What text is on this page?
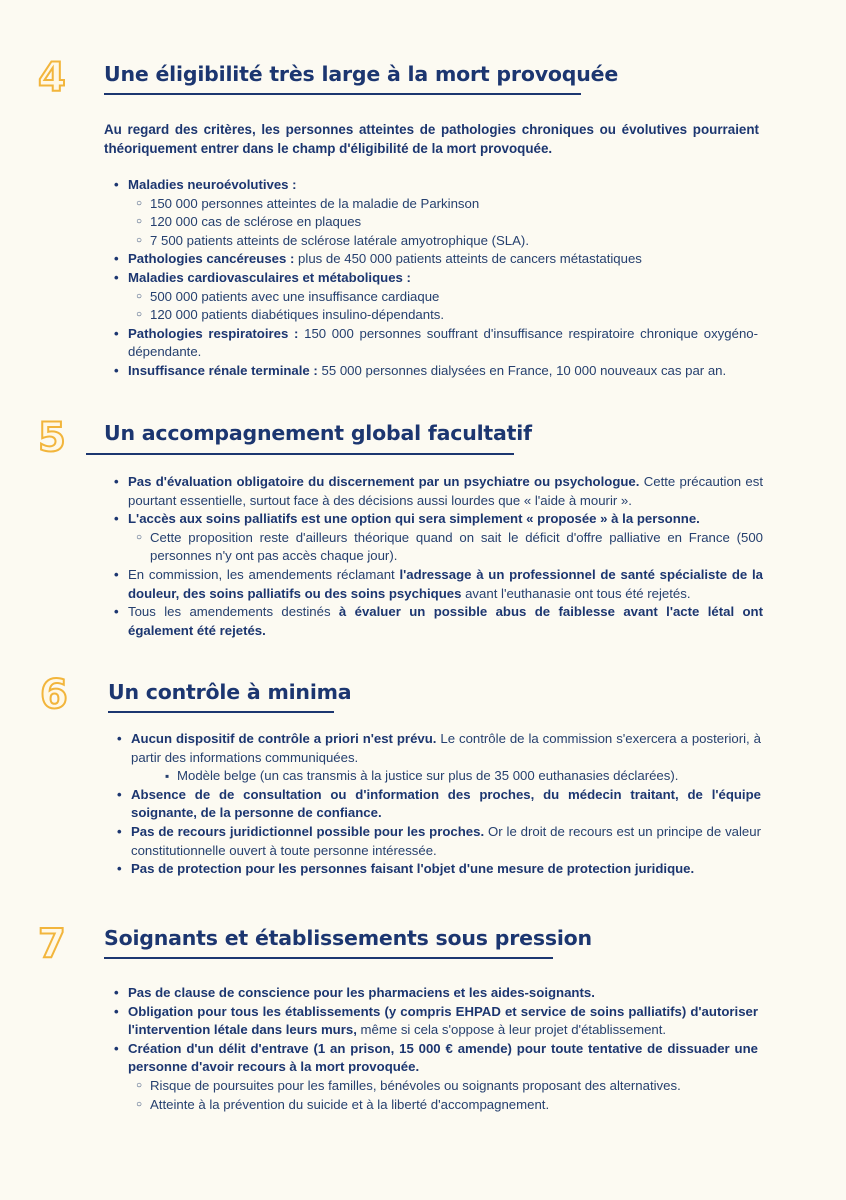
4 Une éligibilité très large à la mort provoquée
Au regard des critères, les personnes atteintes de pathologies chroniques ou évolutives pourraient théoriquement entrer dans le champ d'éligibilité de la mort provoquée.
• Maladies neuroévolutives :
○ 150 000 personnes atteintes de la maladie de Parkinson
○ 120 000 cas de sclérose en plaques
○ 7 500 patients atteints de sclérose latérale amyotrophique (SLA).
• Pathologies cancéreuses : plus de 450 000 patients atteints de cancers métastatiques
• Maladies cardiovasculaires et métaboliques :
○ 500 000 patients avec une insuffisance cardiaque
○ 120 000 patients diabétiques insulino-dépendants.
• Pathologies respiratoires : 150 000 personnes souffrant d'insuffisance respiratoire chronique oxygéno-dépendante.
• Insuffisance rénale terminale : 55 000 personnes dialysées en France, 10 000 nouveaux cas par an.
5 Un accompagnement global facultatif
• Pas d'évaluation obligatoire du discernement par un psychiatre ou psychologue. Cette précaution est pourtant essentielle, surtout face à des décisions aussi lourdes que « l'aide à mourir ».
• L'accès aux soins palliatifs est une option qui sera simplement « proposée » à la personne.
○ Cette proposition reste d'ailleurs théorique quand on sait le déficit d'offre palliative en France (500 personnes n'y ont pas accès chaque jour).
• En commission, les amendements réclamant l'adressage à un professionnel de santé spécialiste de la douleur, des soins palliatifs ou des soins psychiques avant l'euthanasie ont tous été rejetés.
• Tous les amendements destinés à évaluer un possible abus de faiblesse avant l'acte létal ont également été rejetés.
6 Un contrôle à minima
• Aucun dispositif de contrôle a priori n'est prévu. Le contrôle de la commission s'exercera a posteriori, à partir des informations communiquées.
▪ Modèle belge (un cas transmis à la justice sur plus de 35 000 euthanasies déclarées).
• Absence de de consultation ou d'information des proches, du médecin traitant, de l'équipe soignante, de la personne de confiance.
• Pas de recours juridictionnel possible pour les proches. Or le droit de recours est un principe de valeur constitutionnelle ouvert à toute personne intéressée.
• Pas de protection pour les personnes faisant l'objet d'une mesure de protection juridique.
7 Soignants et établissements sous pression
• Pas de clause de conscience pour les pharmaciens et les aides-soignants.
• Obligation pour tous les établissements (y compris EHPAD et service de soins palliatifs) d'autoriser l'intervention létale dans leurs murs, même si cela s'oppose à leur projet d'établissement.
• Création d'un délit d'entrave (1 an prison, 15 000 € amende) pour toute tentative de dissuader une personne d'avoir recours à la mort provoquée.
○ Risque de poursuites pour les familles, bénévoles ou soignants proposant des alternatives.
○ Atteinte à la prévention du suicide et à la liberté d'accompagnement.
